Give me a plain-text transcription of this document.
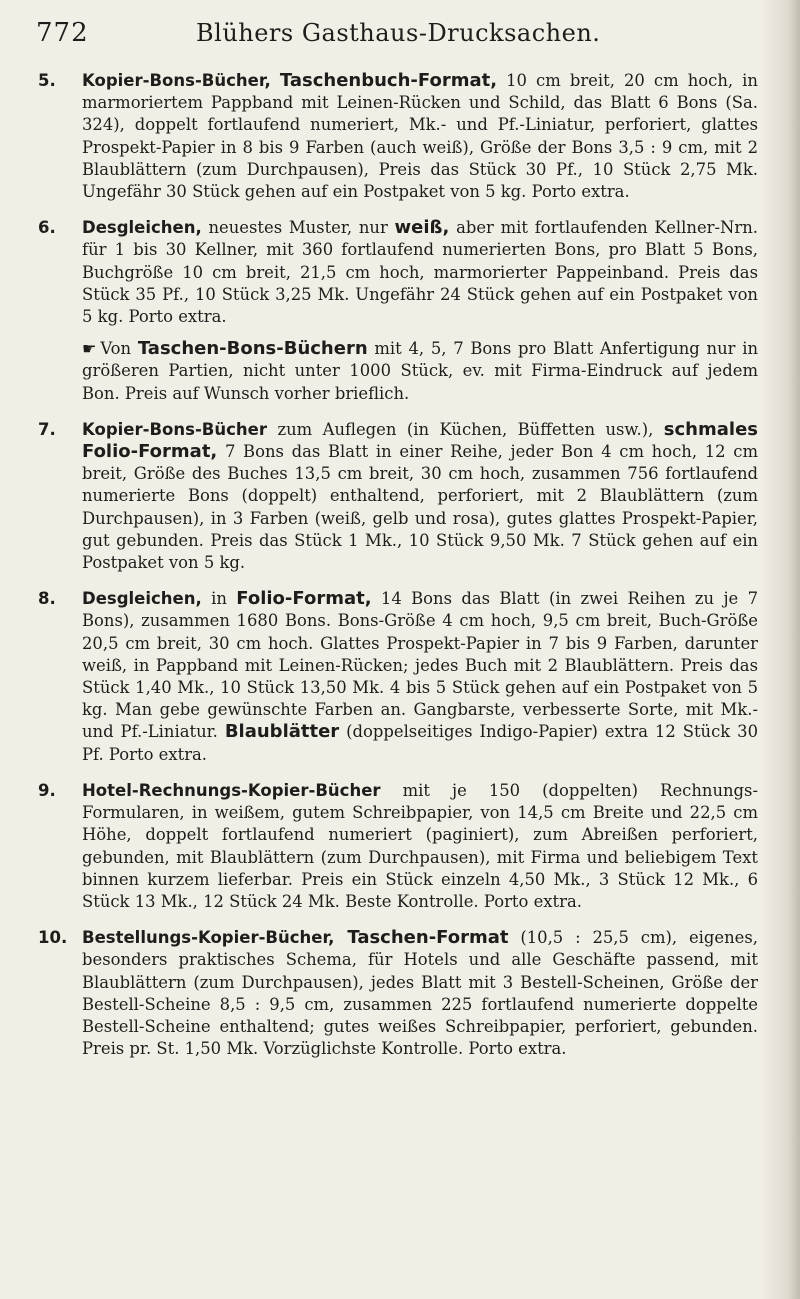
772	Blühers Gasthaus-Drucksachen.
5. Kopier-Bons-Bücher, Taschenbuch-Format, 10 cm breit, 20 cm hoch, in marmoriertem Pappband mit Leinen-Rücken und Schild, das Blatt 6 Bons (Sa. 324), doppelt fortlaufend numeriert, Mk.- und Pf.-Liniatur, perforiert, glattes Prospekt-Papier in 8 bis 9 Farben (auch weiß), Größe der Bons 3,5 : 9 cm, mit 2 Blaublättern (zum Durchpausen), Preis das Stück 30 Pf., 10 Stück 2,75 Mk. Ungefähr 30 Stück gehen auf ein Postpaket von 5 kg. Porto extra.
6. Desgleichen, neuestes Muster, nur weiß, aber mit fortlaufenden Kellner-Nrn. für 1 bis 30 Kellner, mit 360 fortlaufend numerierten Bons, pro Blatt 5 Bons, Buchgröße 10 cm breit, 21,5 cm hoch, marmorierter Pappeinband. Preis das Stück 35 Pf., 10 Stück 3,25 Mk. Ungefähr 24 Stück gehen auf ein Postpaket von 5 kg. Porto extra.
☛ Von Taschen-Bons-Büchern mit 4, 5, 7 Bons pro Blatt Anfertigung nur in größeren Partien, nicht unter 1000 Stück, ev. mit Firma-Eindruck auf jedem Bon. Preis auf Wunsch vorher brieflich.
7. Kopier-Bons-Bücher zum Auflegen (in Küchen, Büffetten usw.), schmales Folio-Format, 7 Bons das Blatt in einer Reihe, jeder Bon 4 cm hoch, 12 cm breit, Größe des Buches 13,5 cm breit, 30 cm hoch, zusammen 756 fortlaufend numerierte Bons (doppelt) enthaltend, perforiert, mit 2 Blaublättern (zum Durchpausen), in 3 Farben (weiß, gelb und rosa), gutes glattes Prospekt-Papier, gut gebunden. Preis das Stück 1 Mk., 10 Stück 9,50 Mk. 7 Stück gehen auf ein Postpaket von 5 kg.
8. Desgleichen, in Folio-Format, 14 Bons das Blatt (in zwei Reihen zu je 7 Bons), zusammen 1680 Bons. Bons-Größe 4 cm hoch, 9,5 cm breit, Buch-Größe 20,5 cm breit, 30 cm hoch. Glattes Prospekt-Papier in 7 bis 9 Farben, darunter weiß, in Pappband mit Leinen-Rücken; jedes Buch mit 2 Blaublättern. Preis das Stück 1,40 Mk., 10 Stück 13,50 Mk. 4 bis 5 Stück gehen auf ein Postpaket von 5 kg. Man gebe gewünschte Farben an. Gangbarste, verbesserte Sorte, mit Mk.- und Pf.-Liniatur. Blaublätter (doppelseitiges Indigo-Papier) extra 12 Stück 30 Pf. Porto extra.
9. Hotel-Rechnungs-Kopier-Bücher mit je 150 (doppelten) Rechnungs-Formularen, in weißem, gutem Schreibpapier, von 14,5 cm Breite und 22,5 cm Höhe, doppelt fortlaufend numeriert (paginiert), zum Abreißen perforiert, gebunden, mit Blaublättern (zum Durchpausen), mit Firma und beliebigem Text binnen kurzem lieferbar. Preis ein Stück einzeln 4,50 Mk., 3 Stück 12 Mk., 6 Stück 13 Mk., 12 Stück 24 Mk. Beste Kontrolle. Porto extra.
10. Bestellungs-Kopier-Bücher, Taschen-Format (10,5 : 25,5 cm), eigenes, besonders praktisches Schema, für Hotels und alle Geschäfte passend, mit Blaublättern (zum Durchpausen), jedes Blatt mit 3 Bestell-Scheinen, Größe der Bestell-Scheine 8,5 : 9,5 cm, zusammen 225 fortlaufend numerierte doppelte Bestell-Scheine enthaltend; gutes weißes Schreibpapier, perforiert, gebunden. Preis pr. St. 1,50 Mk. Vorzüglichste Kontrolle. Porto extra.
